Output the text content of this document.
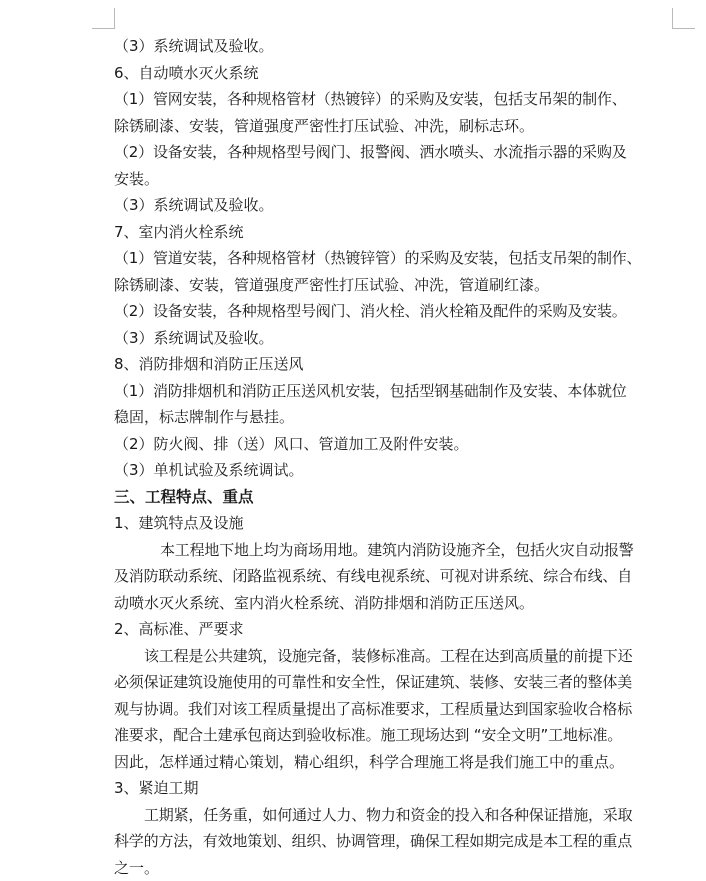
（3）系统调试及验收。
6、自动喷水灭火系统
（1）管网安装，各种规格管材（热镀锌）的采购及安装，包括支吊架的制作、
除锈刷漆、安装，管道强度严密性打压试验、冲洗，刷标志环。
（2）设备安装，各种规格型号阀门、报警阀、洒水喷头、水流指示器的采购及
安装。
（3）系统调试及验收。
7、室内消火栓系统
（1）管道安装，各种规格管材（热镀锌管）的采购及安装，包括支吊架的制作、
除锈刷漆、安装，管道强度严密性打压试验、冲洗，管道刷红漆。
（2）设备安装，各种规格型号阀门、消火栓、消火栓箱及配件的采购及安装。
（3）系统调试及验收。
8、消防排烟和消防正压送风
（1）消防排烟机和消防正压送风机安装，包括型钢基础制作及安装、本体就位
稳固，标志牌制作与悬挂。
（2）防火阀、排（送）风口、管道加工及附件安装。
（3）单机试验及系统调试。
三、工程特点、重点
1、建筑特点及设施
本工程地下地上均为商场用地。建筑内消防设施齐全，包括火灾自动报警
及消防联动系统、闭路监视系统、有线电视系统、可视对讲系统、综合布线、自
动喷水灭火系统、室内消火栓系统、消防排烟和消防正压送风。
2、高标准、严要求
该工程是公共建筑，设施完备，装修标准高。工程在达到高质量的前提下还
必须保证建筑设施使用的可靠性和安全性，保证建筑、装修、安装三者的整体美
观与协调。我们对该工程质量提出了高标准要求，工程质量达到国家验收合格标
准要求，配合土建承包商达到验收标准。施工现场达到 “安全文明”工地标准。
因此，怎样通过精心策划，精心组织，科学合理施工将是我们施工中的重点。
3、紧迫工期
工期紧，任务重，如何通过人力、物力和资金的投入和各种保证措施，采取
科学的方法，有效地策划、组织、协调管理，确保工程如期完成是本工程的重点
之一。
